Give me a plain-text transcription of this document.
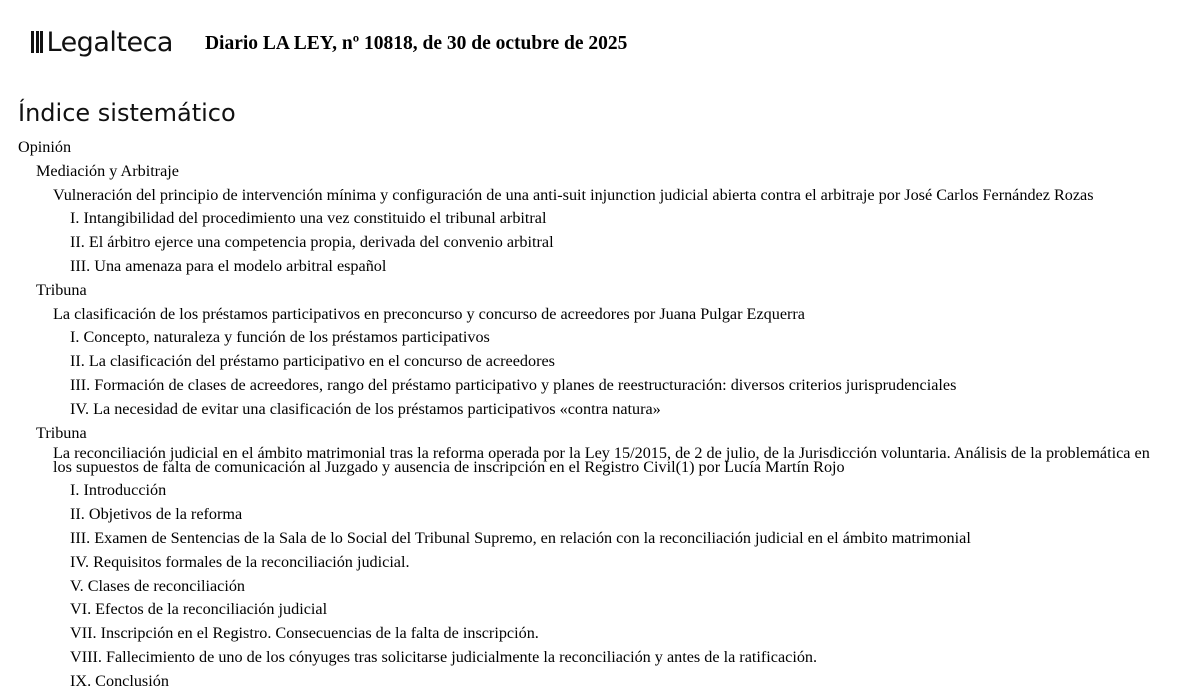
Legalteca Diario LA LEY, nº 10818, de 30 de octubre de 2025
Índice sistemático
Opinión
Mediación y Arbitraje
Vulneración del principio de intervención mínima y configuración de una anti-suit injunction judicial abierta contra el arbitraje por José Carlos Fernández Rozas
I. Intangibilidad del procedimiento una vez constituido el tribunal arbitral
II. El árbitro ejerce una competencia propia, derivada del convenio arbitral
III. Una amenaza para el modelo arbitral español
Tribuna
La clasificación de los préstamos participativos en preconcurso y concurso de acreedores por Juana Pulgar Ezquerra
I. Concepto, naturaleza y función de los préstamos participativos
II. La clasificación del préstamo participativo en el concurso de acreedores
III. Formación de clases de acreedores, rango del préstamo participativo y planes de reestructuración: diversos criterios jurisprudenciales
IV. La necesidad de evitar una clasificación de los préstamos participativos «contra natura»
Tribuna
La reconciliación judicial en el ámbito matrimonial tras la reforma operada por la Ley 15/2015, de 2 de julio, de la Jurisdicción voluntaria. Análisis de la problemática en los supuestos de falta de comunicación al Juzgado y ausencia de inscripción en el Registro Civil(1) por Lucía Martín Rojo
I. Introducción
II. Objetivos de la reforma
III. Examen de Sentencias de la Sala de lo Social del Tribunal Supremo, en relación con la reconciliación judicial en el ámbito matrimonial
IV. Requisitos formales de la reconciliación judicial.
V. Clases de reconciliación
VI. Efectos de la reconciliación judicial
VII. Inscripción en el Registro. Consecuencias de la falta de inscripción.
VIII. Fallecimiento de uno de los cónyuges tras solicitarse judicialmente la reconciliación y antes de la ratificación.
IX. Conclusión
